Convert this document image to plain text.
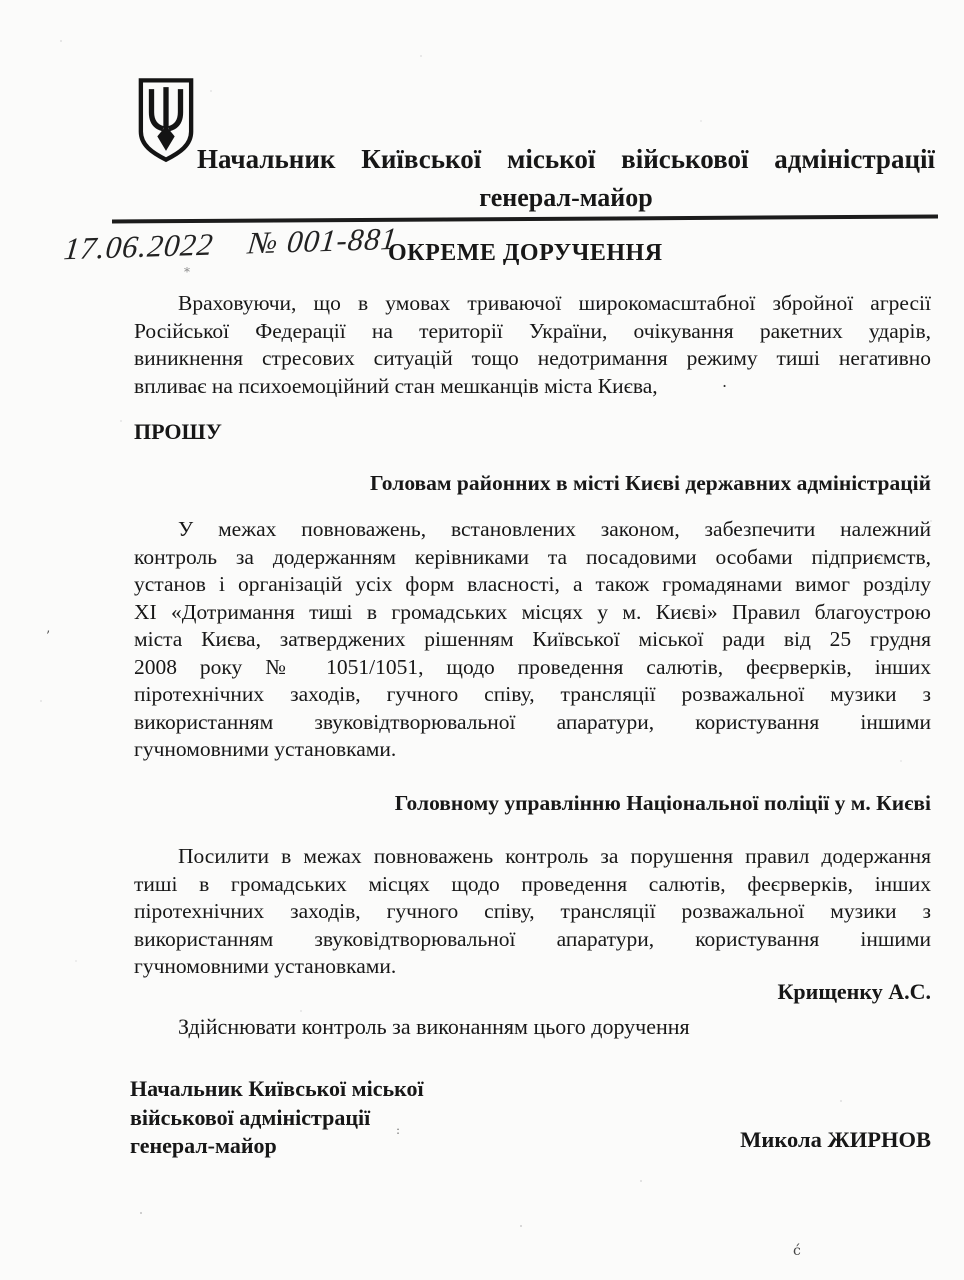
Начальник Київської міської військової адміністрації
генерал-майор
17.06.2022 № 001-881
ОКРЕМЕ ДОРУЧЕННЯ
Враховуючи, що в умовах триваючої широкомасштабної збройної агресії
Російської Федерації на території України, очікування ракетних ударів,
виникнення стресових ситуацій тощо недотримання режиму тиші негативно
впливає на психоемоційний стан мешканців міста Києва,
ПРОШУ
Головам районних в місті Києві державних адміністрацій
У межах повноважень, встановлених законом, забезпечити належний
контроль за додержанням керівниками та посадовими особами підприємств,
установ і організацій усіх форм власності, а також громадянами вимог розділу
XI «Дотримання тиші в громадських місцях у м. Києві» Правил благоустрою
міста Києва, затверджених рішенням Київської міської ради від 25 грудня
2008 року № 1051/1051, щодо проведення салютів, феєрверків, інших
піротехнічних заходів, гучного співу, трансляції розважальної музики з
використанням звуковідтворювальної апаратури, користування іншими
гучномовними установками.
Головному управлінню Національної поліції у м. Києві
Посилити в межах повноважень контроль за порушення правил додержання
тиші в громадських місцях щодо проведення салютів, феєрверків, інших
піротехнічних заходів, гучного співу, трансляції розважальної музики з
використанням звуковідтворювальної апаратури, користування іншими
гучномовними установками.
Крищенку А.С.
Здійснювати контроль за виконанням цього доручення
Начальник Київської міської
військової адміністрації
генерал-майор	Микола ЖИРНОВ
*
.
’
:
ć
